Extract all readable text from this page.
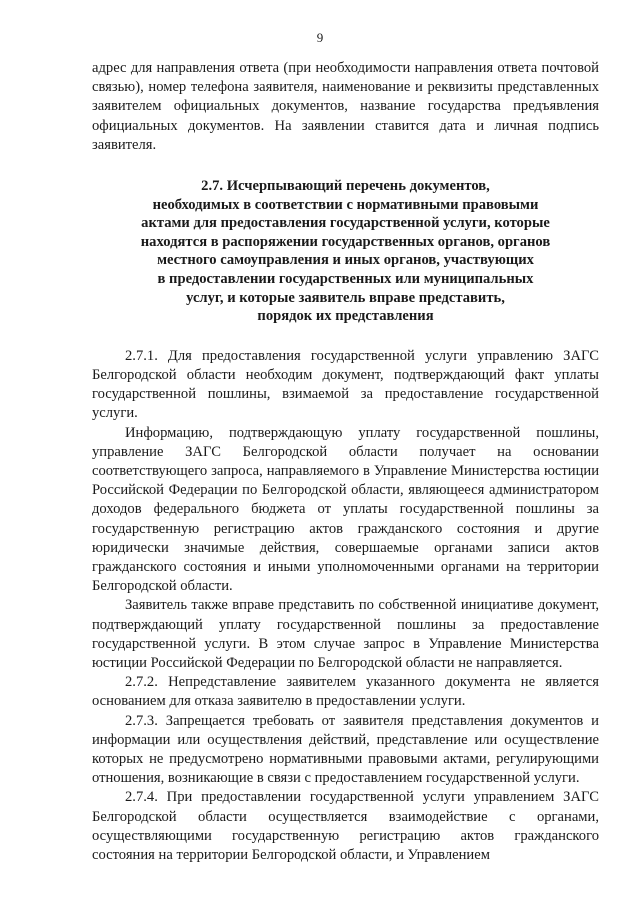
9

адрес для направления ответа (при необходимости направления ответа почтовой связью), номер телефона заявителя, наименование и реквизиты представленных заявителем официальных документов, название государства предъявления официальных документов. На заявлении ставится дата и личная подпись заявителя.

2.7. Исчерпывающий перечень документов,
необходимых в соответствии с нормативными правовыми
актами для предоставления государственной услуги, которые
находятся в распоряжении государственных органов, органов
местного самоуправления и иных органов, участвующих
в предоставлении государственных или муниципальных
услуг, и которые заявитель вправе представить,
порядок их представления

2.7.1. Для предоставления государственной услуги управлению ЗАГС Белгородской области необходим документ, подтверждающий факт уплаты государственной пошлины, взимаемой за предоставление государственной услуги.

Информацию, подтверждающую уплату государственной пошлины, управление ЗАГС Белгородской области получает на основании соответствующего запроса, направляемого в Управление Министерства юстиции Российской Федерации по Белгородской области, являющееся администратором доходов федерального бюджета от уплаты государственной пошлины за государственную регистрацию актов гражданского состояния и другие юридически значимые действия, совершаемые органами записи актов гражданского состояния и иными уполномоченными органами на территории Белгородской области.

Заявитель также вправе представить по собственной инициативе документ, подтверждающий уплату государственной пошлины за предоставление государственной услуги. В этом случае запрос в Управление Министерства юстиции Российской Федерации по Белгородской области не направляется.

2.7.2. Непредставление заявителем указанного документа не является основанием для отказа заявителю в предоставлении услуги.

2.7.3. Запрещается требовать от заявителя представления документов и информации или осуществления действий, представление или осуществление которых не предусмотрено нормативными правовыми актами, регулирующими отношения, возникающие в связи с предоставлением государственной услуги.

2.7.4. При предоставлении государственной услуги управлением ЗАГС Белгородской области осуществляется взаимодействие с органами, осуществляющими государственную регистрацию актов гражданского состояния на территории Белгородской области, и Управлением
